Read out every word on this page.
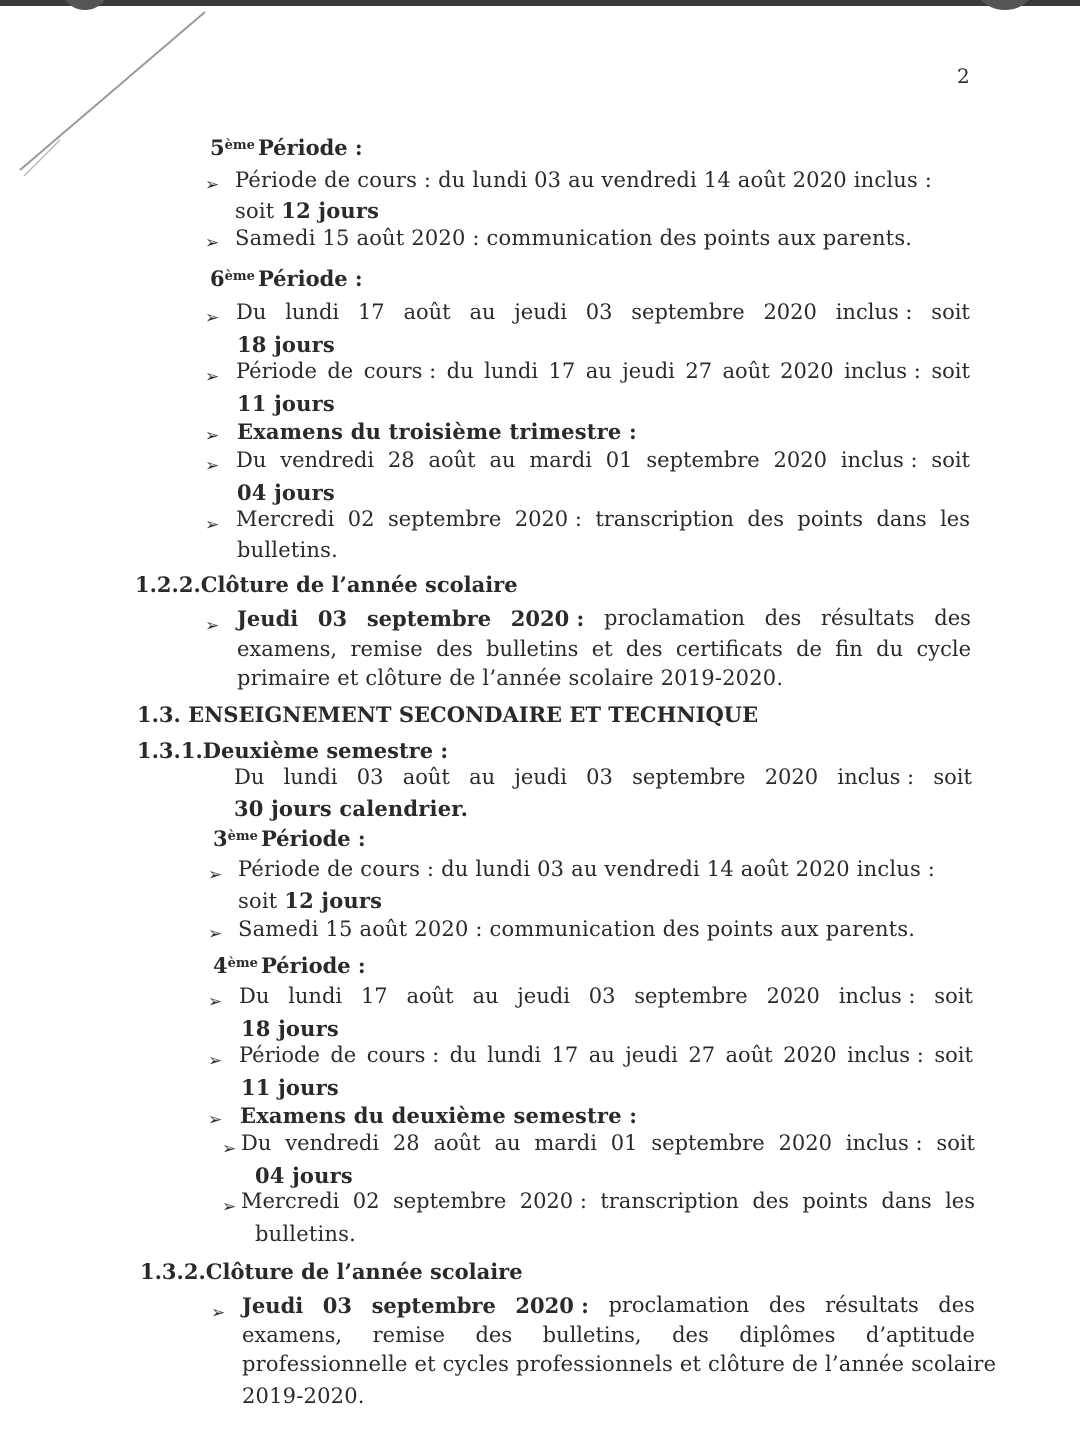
2
5ème Période :
➢ Période de cours : du lundi 03 au vendredi 14 août 2020 inclus :
soit 12 jours
➢ Samedi 15 août 2020 : communication des points aux parents.
6ème Période :
➢ Du lundi 17 août au jeudi 03 septembre 2020 inclus : soit
18 jours
➢ Période de cours : du lundi 17 au jeudi 27 août 2020 inclus : soit
11 jours
➢ Examens du troisième trimestre :
➢ Du vendredi 28 août au mardi 01 septembre 2020 inclus : soit
04 jours
➢ Mercredi 02 septembre 2020 : transcription des points dans les
bulletins.
1.2.2.Clôture de l’année scolaire
➢ Jeudi 03 septembre 2020 : proclamation des résultats des
examens, remise des bulletins et des certificats de fin du cycle
primaire et clôture de l’année scolaire 2019-2020.
1.3. ENSEIGNEMENT SECONDAIRE ET TECHNIQUE
1.3.1.Deuxième semestre :
Du lundi 03 août au jeudi 03 septembre 2020 inclus : soit
30 jours calendrier.
3ème Période :
➢ Période de cours : du lundi 03 au vendredi 14 août 2020 inclus :
soit 12 jours
➢ Samedi 15 août 2020 : communication des points aux parents.
4ème Période :
➢ Du lundi 17 août au jeudi 03 septembre 2020 inclus : soit
18 jours
➢ Période de cours : du lundi 17 au jeudi 27 août 2020 inclus : soit
11 jours
➢ Examens du deuxième semestre :
➢ Du vendredi 28 août au mardi 01 septembre 2020 inclus : soit
04 jours
➢ Mercredi 02 septembre 2020 : transcription des points dans les
bulletins.
1.3.2.Clôture de l’année scolaire
➢ Jeudi 03 septembre 2020 : proclamation des résultats des
examens, remise des bulletins, des diplômes d’aptitude
professionnelle et cycles professionnels et clôture de l’année scolaire
2019-2020.
